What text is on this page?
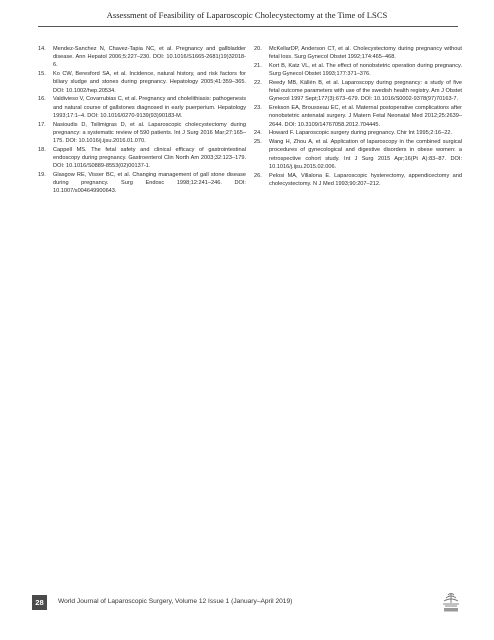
Assessment of Feasibility of Laparoscopic Cholecystectomy at the Time of LSCS
14.	Mendez-Sanchez N, Chavez-Tapia NC, et al. Pregnancy and gallbladder disease. Ann Hepatol 2006;5:227–230. DOI: 10.1016/S1665-2681(19)32018-6.
15.	Ko CW, Beresford SA, et al. Incidence, natural history, and risk factors for biliary sludge and stones during pregnancy. Hepatology 2005;41:359–365. DOI: 10.1002/hep.20534.
16.	Valdivieso V, Covarrubias C, et al. Pregnancy and cholelithiasis: pathogenesis and natural course of gallstones diagnosed in early puerperium. Hepatology 1993;17:1–4. DOI: 10.1016/0270-9139(93)90183-M.
17.	Nasioudis D, Tsilimigras D, et al. Laparoscopic cholecystectomy during pregnancy: a systematic review of 590 patients. Int J Surg 2016 Mar;27:165–175. DOI: 10.1016/j.ijsu.2016.01.070.
18.	Cappell MS. The fetal safety and clinical efficacy of gastrointestinal endoscopy during pregnancy. Gastroenterol Clin North Am 2003;32:123–179. DOI: 10.1016/S0889-8553(02)00137-1.
19.	Glasgow RE, Visser BC, et al. Changing management of gall stone disease during pregnancy. Surg Endosc 1998;12:241–246. DOI: 10.1007/s004649900643.
20.	McKellarDP, Anderson CT, et al. Cholecystectomy during pregnancy without fetal loss. Surg Gynecol Obstet 1992;174:465–468.
21.	Kort B, Katz VL, et al. The effect of nonobstetric operation during pregnancy. Surg Gynecol Obstet 1993;177:371–376.
22.	Reedy MB, Källén B, et al. Laparoscopy during pregnancy: a study of five fetal outcome parameters with use of the swedish health registry. Am J Obstet Gynecol 1997 Sept;177(3):673–679. DOI: 10.1016/S0002-9378(97)70163-7.
23.	Erekson EA, Brousseau EC, et al. Maternal postoperative complications after nonobstetric antenatal surgery. J Matern Fetal Neonatal Med 2012;25:2639–2644. DOI: 10.3109/14767058.2012.704445.
24.	Howard F. Laparoscopic surgery during pregnancy. Chir Int 1995;2:16–22.
25.	Wang H, Zhou A, et al. Application of laparoscopy in the combined surgical procedures of gynecological and digestive disorders in obese women: a retrospective cohort study. Int J Surg 2015 Apr;16(Pt A):83–87. DOI: 10.1016/j.ijsu.2015.02.006.
26.	Pelosi MA, Villalona E. Laparoscopic hysterectomy, appendicectomy and cholecystectomy. N J Med 1993;90:207–212.
28	World Journal of Laparoscopic Surgery, Volume 12 Issue 1 (January–April 2019)
